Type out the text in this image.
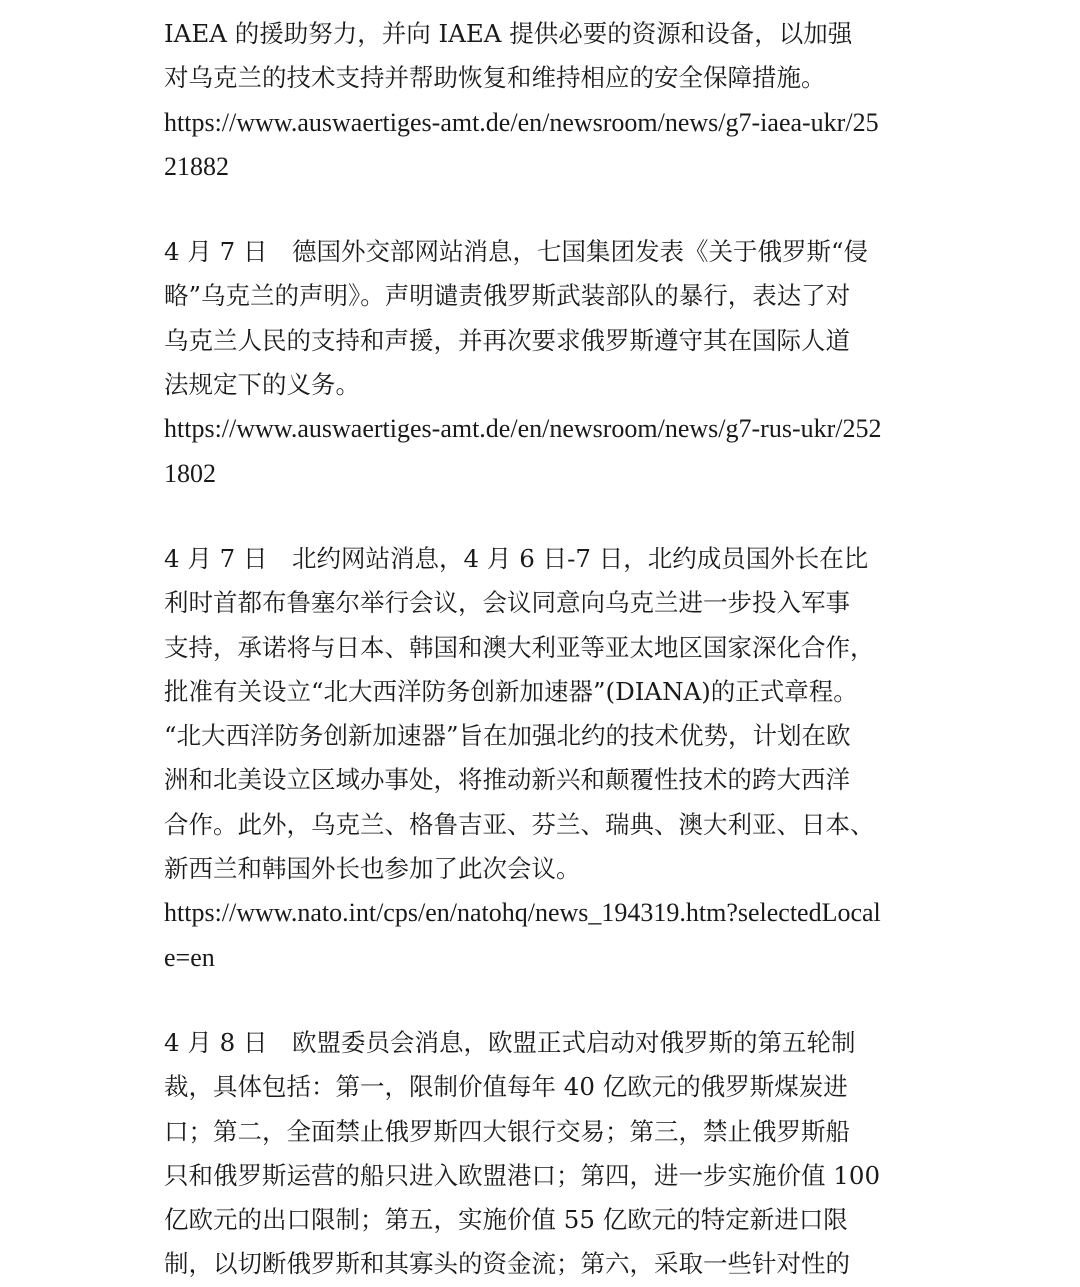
IAEA 的援助努力，并向 IAEA 提供必要的资源和设备，以加强
对乌克兰的技术支持并帮助恢复和维持相应的安全保障措施。
https://www.auswaertiges-amt.de/en/newsroom/news/g7-iaea-ukr/25
21882
4 月 7 日　德国外交部网站消息，七国集团发表《关于俄罗斯“侵
略”乌克兰的声明》。声明谴责俄罗斯武装部队的暴行，表达了对
乌克兰人民的支持和声援，并再次要求俄罗斯遵守其在国际人道
法规定下的义务。
https://www.auswaertiges-amt.de/en/newsroom/news/g7-rus-ukr/252
1802
4 月 7 日　北约网站消息，4 月 6 日-7 日，北约成员国外长在比
利时首都布鲁塞尔举行会议，会议同意向乌克兰进一步投入军事
支持，承诺将与日本、韩国和澳大利亚等亚太地区国家深化合作，
批准有关设立“北大西洋防务创新加速器”(DIANA)的正式章程。
“北大西洋防务创新加速器”旨在加强北约的技术优势，计划在欧
洲和北美设立区域办事处，将推动新兴和颠覆性技术的跨大西洋
合作。此外，乌克兰、格鲁吉亚、芬兰、瑞典、澳大利亚、日本、
新西兰和韩国外长也参加了此次会议。
https://www.nato.int/cps/en/natohq/news_194319.htm?selectedLocal
e=en
4 月 8 日　欧盟委员会消息，欧盟正式启动对俄罗斯的第五轮制
裁，具体包括：第一，限制价值每年 40 亿欧元的俄罗斯煤炭进
口；第二，全面禁止俄罗斯四大银行交易；第三，禁止俄罗斯船
只和俄罗斯运营的船只进入欧盟港口；第四，进一步实施价值 100
亿欧元的出口限制；第五，实施价值 55 亿欧元的特定新进口限
制，以切断俄罗斯和其寡头的资金流；第六，采取一些针对性的
